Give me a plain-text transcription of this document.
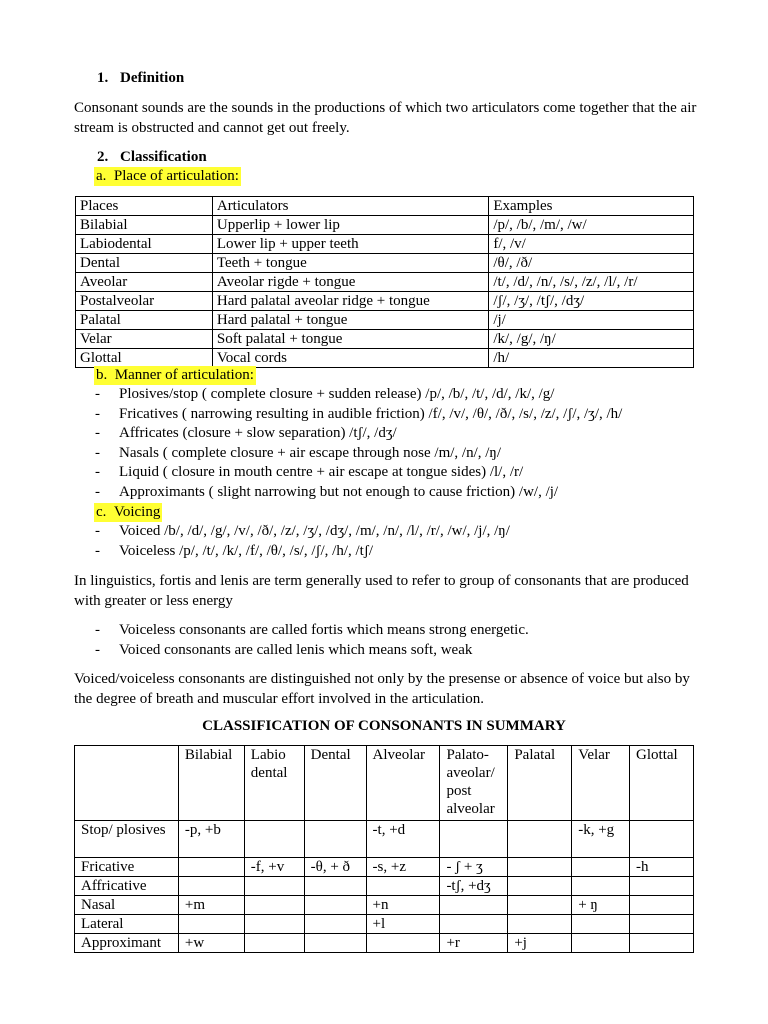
1. Definition

Consonant sounds are the sounds in the productions of which two articulators come together that the air stream is obstructed and cannot get out freely.

2. Classification
a. Place of articulation:
Places	Articulators	Examples
Bilabial	Upperlip + lower lip	/p/, /b/, /m/, /w/
Labiodental	Lower lip + upper teeth	f/, /v/
Dental	Teeth + tongue	/θ/, /ð/
Aveolar	Aveolar rigde + tongue	/t/, /d/, /n/, /s/, /z/, /l/, /r/
Postalveolar	Hard palatal aveolar ridge + tongue	/ʃ/, /ʒ/, /tʃ/, /dʒ/
Palatal	Hard palatal + tongue	/j/
Velar	Soft palatal + tongue	/k/, /g/, /ŋ/
Glottal	Vocal cords	/h/
b. Manner of articulation:
- Plosives/stop ( complete closure + sudden release) /p/, /b/, /t/, /d/, /k/, /g/
- Fricatives ( narrowing resulting in audible friction) /f/, /v/, /θ/, /ð/, /s/, /z/, /ʃ/, /ʒ/, /h/
- Affricates (closure + slow separation) /tʃ/, /dʒ/
- Nasals ( complete closure + air escape through nose /m/, /n/, /ŋ/
- Liquid ( closure in mouth centre + air escape at tongue sides) /l/, /r/
- Approximants ( slight narrowing but not enough to cause friction) /w/, /j/
c. Voicing
- Voiced /b/, /d/, /g/, /v/, /ð/, /z/, /ʒ/, /dʒ/, /m/, /n/, /l/, /r/, /w/, /j/, /ŋ/
- Voiceless /p/, /t/, /k/, /f/, /θ/, /s/, /ʃ/, /h/, /tʃ/

In linguistics, fortis and lenis are term generally used to refer to group of consonants that are produced with greater or less energy

- Voiceless consonants are called fortis which means strong energetic.
- Voiced consonants are called lenis which means soft, weak

Voiced/voiceless consonants are distinguished not only by the presense or absence of voice but also by the degree of breath and muscular effort involved in the articulation.

CLASSIFICATION OF CONSONANTS IN SUMMARY
	Bilabial	Labio dental	Dental	Alveolar	Palato-aveolar/ post alveolar	Palatal	Velar	Glottal
Stop/ plosives	-p, +b			-t, +d			-k, +g	
Fricative		-f, +v	-θ, + ð	-s, +z	- ʃ + ʒ			-h
Affricative					-tʃ, +dʒ			
Nasal	+m			+n			+ ŋ	
Lateral				+l				
Approximant	+w				+r	+j		
